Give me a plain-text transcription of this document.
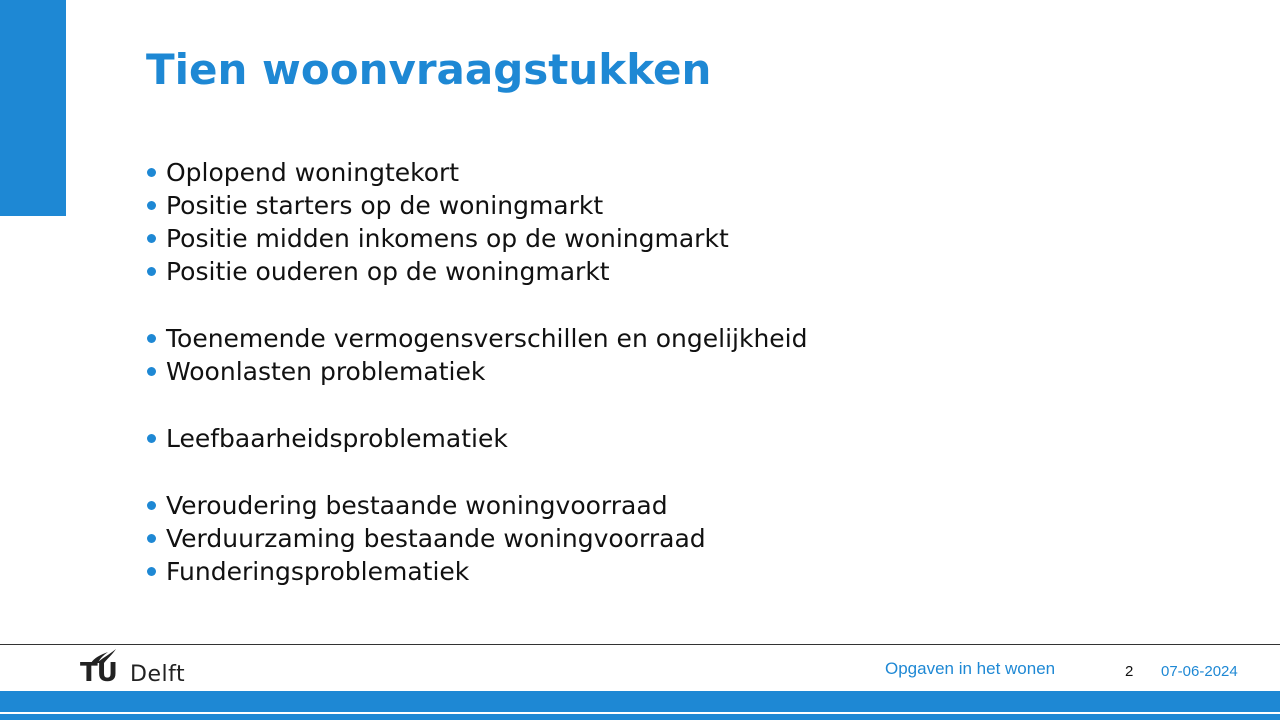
Tien woonvraagstukken
Oplopend woningtekort
Positie starters op de woningmarkt
Positie midden inkomens op de woningmarkt
Positie ouderen op de woningmarkt
Toenemende vermogensverschillen en ongelijkheid
Woonlasten problematiek
Leefbaarheidsproblematiek
Veroudering bestaande woningvoorraad
Verduurzaming bestaande woningvoorraad
Funderingsproblematiek
TU Delft	Opgaven in het wonen	2 07-06-2024
